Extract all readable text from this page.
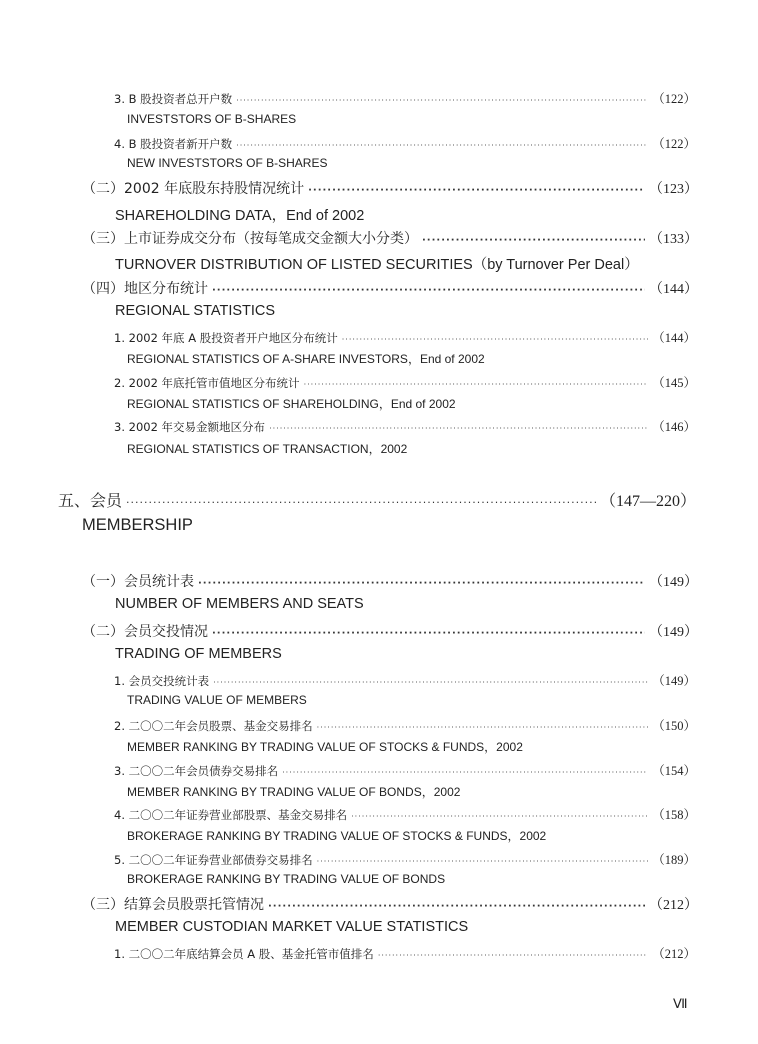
3. B 股投资者总开户数 ·····	（122）
INVESTSTORS OF B-SHARES
4. B 股投资者新开户数 ·····	（122）
NEW INVESTSTORS OF B-SHARES
（二）2002 年底股东持股情况统计 ·····	（123）
SHAREHOLDING DATA，End of 2002
（三）上市证券成交分布（按每笔成交金额大小分类） ·····	（133）
TURNOVER DISTRIBUTION OF LISTED SECURITIES（by Turnover Per Deal）
（四）地区分布统计 ·····	（144）
REGIONAL STATISTICS
1. 2002 年底 A 股投资者开户地区分布统计 ·····	（144）
REGIONAL STATISTICS OF A-SHARE INVESTORS，End of 2002
2. 2002 年底托管市值地区分布统计 ·····	（145）
REGIONAL STATISTICS OF SHAREHOLDING，End of 2002
3. 2002 年交易金额地区分布 ·····	（146）
REGIONAL STATISTICS OF TRANSACTION，2002
五、会员 ·····	（147—220）
MEMBERSHIP
（一）会员统计表 ·····	（149）
NUMBER OF MEMBERS AND SEATS
（二）会员交投情况 ·····	（149）
TRADING OF MEMBERS
1. 会员交投统计表 ·····	（149）
TRADING VALUE OF MEMBERS
2. 二〇〇二年会员股票、基金交易排名 ·····	（150）
MEMBER RANKING BY TRADING VALUE OF STOCKS & FUNDS，2002
3. 二〇〇二年会员债券交易排名 ·····	（154）
MEMBER RANKING BY TRADING VALUE OF BONDS，2002
4. 二〇〇二年证券营业部股票、基金交易排名 ·····	（158）
BROKERAGE RANKING BY TRADING VALUE OF STOCKS & FUNDS，2002
5. 二〇〇二年证券营业部债券交易排名 ·····	（189）
BROKERAGE RANKING BY TRADING VALUE OF BONDS
（三）结算会员股票托管情况 ·····	（212）
MEMBER CUSTODIAN MARKET VALUE STATISTICS
1. 二〇〇二年底结算会员 A 股、基金托管市值排名 ·····	（212）
Ⅶ
